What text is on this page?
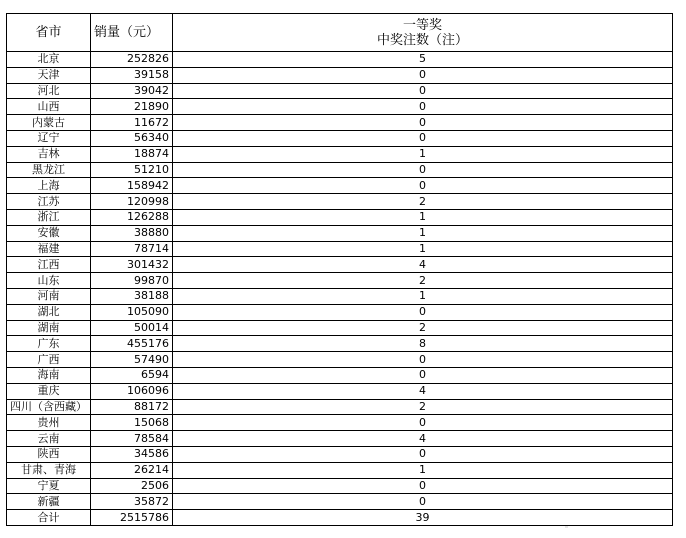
省市	销量（元）	一等奖
中奖注数（注）

北京	252826	5
天津	39158	0
河北	39042	0
山西	21890	0
内蒙古	11672	0
辽宁	56340	0
吉林	18874	1
黑龙江	51210	0
上海	158942	0
江苏	120998	2
浙江	126288	1
安徽	38880	1
福建	78714	1
江西	301432	4
山东	99870	2
河南	38188	1
湖北	105090	0
湖南	50014	2
广东	455176	8
广西	57490	0
海南	6594	0
重庆	106096	4
四川（含西藏）	88172	2
贵州	15068	0
云南	78584	4
陕西	34586	0
甘肃、青海	26214	1
宁夏	2506	0
新疆	35872	0
合计	2515786	39
